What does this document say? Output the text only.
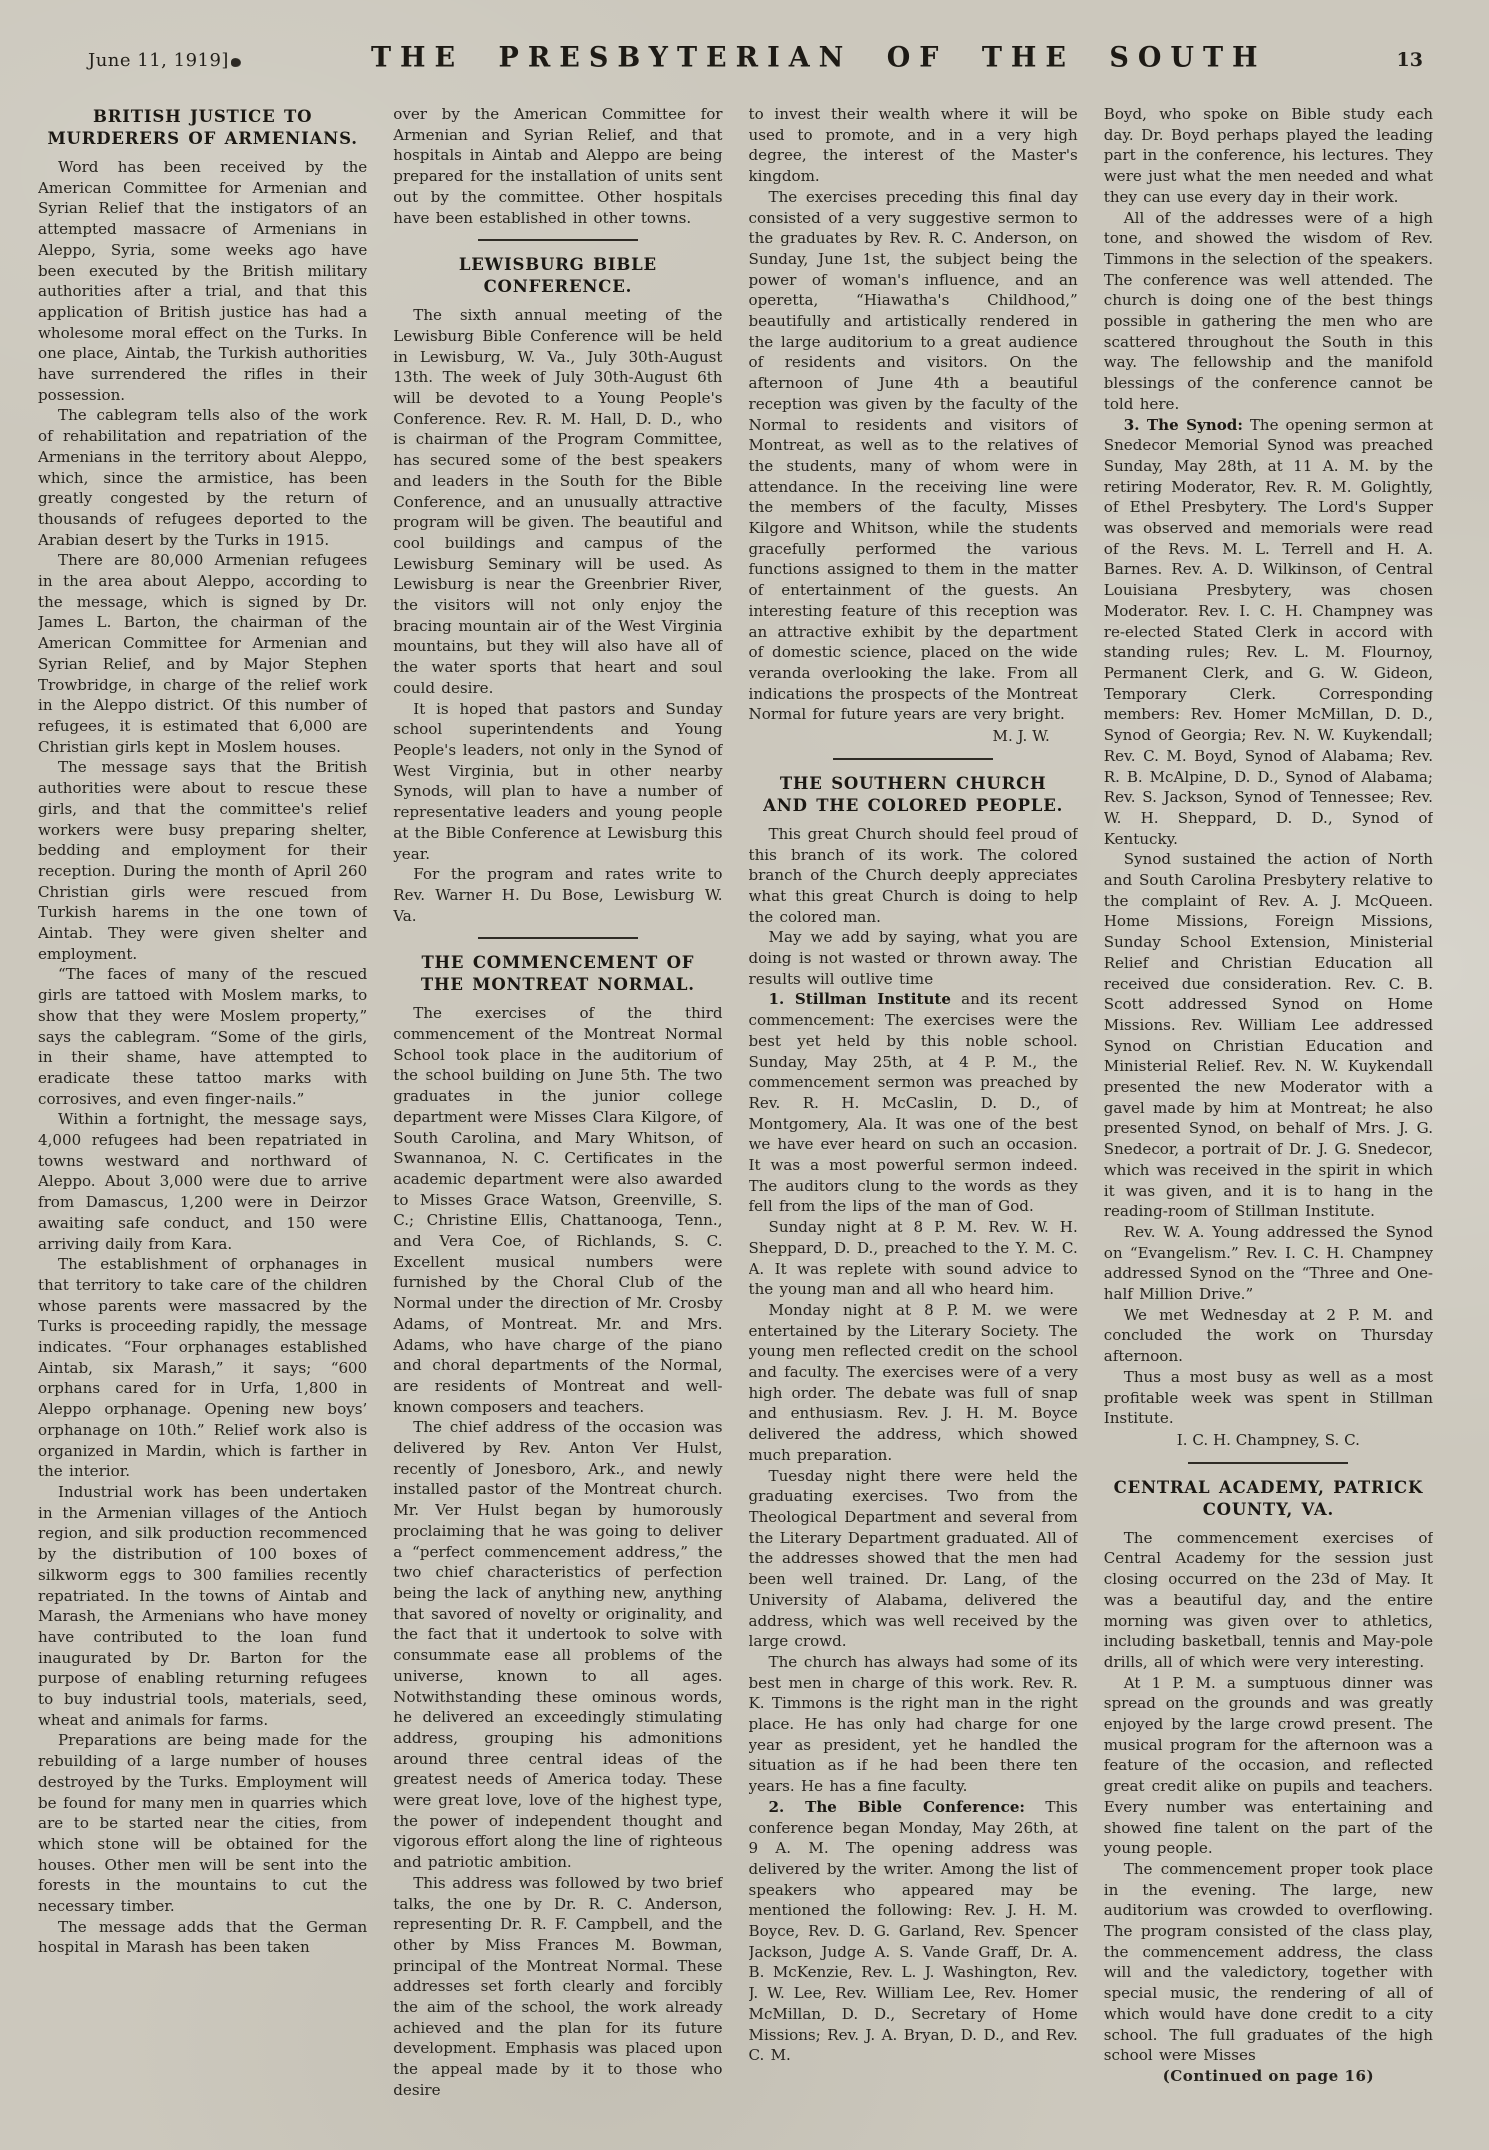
June 11, 1919]	THE PRESBYTERIAN OF THE SOUTH	13
BRITISH JUSTICE TO MURDERERS OF ARMENIANS.
Word has been received by the American Committee for Armenian and Syrian Relief that the instigators of an attempted massacre of Armenians in Aleppo, Syria, some weeks ago have been executed by the British military authorities after a trial, and that this application of British justice has had a wholesome moral effect on the Turks. In one place, Aintab, the Turkish authorities have surrendered the rifles in their possession.
The cablegram tells also of the work of rehabilitation and repatriation of the Armenians in the territory about Aleppo, which, since the armistice, has been greatly congested by the return of thousands of refugees deported to the Arabian desert by the Turks in 1915.
There are 80,000 Armenian refugees in the area about Aleppo, according to the message, which is signed by Dr. James L. Barton, the chairman of the American Committee for Armenian and Syrian Relief, and by Major Stephen Trowbridge, in charge of the relief work in the Aleppo district. Of this number of refugees, it is estimated that 6,000 are Christian girls kept in Moslem houses.
The message says that the British authorities were about to rescue these girls, and that the committee's relief workers were busy preparing shelter, bedding and employment for their reception. During the month of April 260 Christian girls were rescued from Turkish harems in the one town of Aintab. They were given shelter and employment.
“The faces of many of the rescued girls are tattoed with Moslem marks, to show that they were Moslem property,” says the cablegram. “Some of the girls, in their shame, have attempted to eradicate these tattoo marks with corrosives, and even finger-nails.”
Within a fortnight, the message says, 4,000 refugees had been repatriated in towns westward and northward of Aleppo. About 3,000 were due to arrive from Damascus, 1,200 were in Deirzor awaiting safe conduct, and 150 were arriving daily from Kara.
The establishment of orphanages in that territory to take care of the children whose parents were massacred by the Turks is proceeding rapidly, the message indicates. “Four orphanages established Aintab, six Marash,” it says; “600 orphans cared for in Urfa, 1,800 in Aleppo orphanage. Opening new boys’ orphanage on 10th.” Relief work also is organized in Mardin, which is farther in the interior.
Industrial work has been undertaken in the Armenian villages of the Antioch region, and silk production recommenced by the distribution of 100 boxes of silkworm eggs to 300 families recently repatriated. In the towns of Aintab and Marash, the Armenians who have money have contributed to the loan fund inaugurated by Dr. Barton for the purpose of enabling returning refugees to buy industrial tools, materials, seed, wheat and animals for farms.
Preparations are being made for the rebuilding of a large number of houses destroyed by the Turks. Employment will be found for many men in quarries which are to be started near the cities, from which stone will be obtained for the houses. Other men will be sent into the forests in the mountains to cut the necessary timber.
The message adds that the German hospital in Marash has been taken
over by the American Committee for Armenian and Syrian Relief, and that hospitals in Aintab and Aleppo are being prepared for the installation of units sent out by the committee. Other hospitals have been established in other towns.
LEWISBURG BIBLE CONFERENCE.
The sixth annual meeting of the Lewisburg Bible Conference will be held in Lewisburg, W. Va., July 30th-August 13th. The week of July 30th-August 6th will be devoted to a Young People's Conference. Rev. R. M. Hall, D. D., who is chairman of the Program Committee, has secured some of the best speakers and leaders in the South for the Bible Conference, and an unusually attractive program will be given. The beautiful and cool buildings and campus of the Lewisburg Seminary will be used. As Lewisburg is near the Greenbrier River, the visitors will not only enjoy the bracing mountain air of the West Virginia mountains, but they will also have all of the water sports that heart and soul could desire.
It is hoped that pastors and Sunday school superintendents and Young People's leaders, not only in the Synod of West Virginia, but in other nearby Synods, will plan to have a number of representative leaders and young people at the Bible Conference at Lewisburg this year.
For the program and rates write to Rev. Warner H. Du Bose, Lewisburg W. Va.
THE COMMENCEMENT OF THE MONTREAT NORMAL.
The exercises of the third commencement of the Montreat Normal School took place in the auditorium of the school building on June 5th. The two graduates in the junior college department were Misses Clara Kilgore, of South Carolina, and Mary Whitson, of Swannanoa, N. C. Certificates in the academic department were also awarded to Misses Grace Watson, Greenville, S. C.; Christine Ellis, Chattanooga, Tenn., and Vera Coe, of Richlands, S. C. Excellent musical numbers were furnished by the Choral Club of the Normal under the direction of Mr. Crosby Adams, of Montreat. Mr. and Mrs. Adams, who have charge of the piano and choral departments of the Normal, are residents of Montreat and well-known composers and teachers.
The chief address of the occasion was delivered by Rev. Anton Ver Hulst, recently of Jonesboro, Ark., and newly installed pastor of the Montreat church. Mr. Ver Hulst began by humorously proclaiming that he was going to deliver a “perfect commencement address,” the two chief characteristics of perfection being the lack of anything new, anything that savored of novelty or originality, and the fact that it undertook to solve with consummate ease all problems of the universe, known to all ages. Notwithstanding these ominous words, he delivered an exceedingly stimulating address, grouping his admonitions around three central ideas of the greatest needs of America today. These were great love, love of the highest type, the power of independent thought and vigorous effort along the line of righteous and patriotic ambition.
This address was followed by two brief talks, the one by Dr. R. C. Anderson, representing Dr. R. F. Campbell, and the other by Miss Frances M. Bowman, principal of the Montreat Normal. These addresses set forth clearly and forcibly the aim of the school, the work already achieved and the plan for its future development. Emphasis was placed upon the appeal made by it to those who desire
to invest their wealth where it will be used to promote, and in a very high degree, the interest of the Master's kingdom.
The exercises preceding this final day consisted of a very suggestive sermon to the graduates by Rev. R. C. Anderson, on Sunday, June 1st, the subject being the power of woman's influence, and an operetta, “Hiawatha's Childhood,” beautifully and artistically rendered in the large auditorium to a great audience of residents and visitors. On the afternoon of June 4th a beautiful reception was given by the faculty of the Normal to residents and visitors of Montreat, as well as to the relatives of the students, many of whom were in attendance. In the receiving line were the members of the faculty, Misses Kilgore and Whitson, while the students gracefully performed the various functions assigned to them in the matter of entertainment of the guests. An interesting feature of this reception was an attractive exhibit by the department of domestic science, placed on the wide veranda overlooking the lake. From all indications the prospects of the Montreat Normal for future years are very bright.
M. J. W.
THE SOUTHERN CHURCH AND THE COLORED PEOPLE.
This great Church should feel proud of this branch of its work. The colored branch of the Church deeply appreciates what this great Church is doing to help the colored man.
May we add by saying, what you are doing is not wasted or thrown away. The results will outlive time
1. Stillman Institute and its recent commencement: The exercises were the best yet held by this noble school. Sunday, May 25th, at 4 P. M., the commencement sermon was preached by Rev. R. H. McCaslin, D. D., of Montgomery, Ala. It was one of the best we have ever heard on such an occasion. It was a most powerful sermon indeed. The auditors clung to the words as they fell from the lips of the man of God.
Sunday night at 8 P. M. Rev. W. H. Sheppard, D. D., preached to the Y. M. C. A. It was replete with sound advice to the young man and all who heard him.
Monday night at 8 P. M. we were entertained by the Literary Society. The young men reflected credit on the school and faculty. The exercises were of a very high order. The debate was full of snap and enthusiasm. Rev. J. H. M. Boyce delivered the address, which showed much preparation.
Tuesday night there were held the graduating exercises. Two from the Theological Department and several from the Literary Department graduated. All of the addresses showed that the men had been well trained. Dr. Lang, of the University of Alabama, delivered the address, which was well received by the large crowd.
The church has always had some of its best men in charge of this work. Rev. R. K. Timmons is the right man in the right place. He has only had charge for one year as president, yet he handled the situation as if he had been there ten years. He has a fine faculty.
2. The Bible Conference: This conference began Monday, May 26th, at 9 A. M. The opening address was delivered by the writer. Among the list of speakers who appeared may be mentioned the following: Rev. J. H. M. Boyce, Rev. D. G. Garland, Rev. Spencer Jackson, Judge A. S. Vande Graff, Dr. A. B. McKenzie, Rev. L. J. Washington, Rev. J. W. Lee, Rev. William Lee, Rev. Homer McMillan, D. D., Secretary of Home Missions; Rev. J. A. Bryan, D. D., and Rev. C. M.
Boyd, who spoke on Bible study each day. Dr. Boyd perhaps played the leading part in the conference, his lectures. They were just what the men needed and what they can use every day in their work.
All of the addresses were of a high tone, and showed the wisdom of Rev. Timmons in the selection of the speakers. The conference was well attended. The church is doing one of the best things possible in gathering the men who are scattered throughout the South in this way. The fellowship and the manifold blessings of the conference cannot be told here.
3. The Synod: The opening sermon at Snedecor Memorial Synod was preached Sunday, May 28th, at 11 A. M. by the retiring Moderator, Rev. R. M. Golightly, of Ethel Presbytery. The Lord's Supper was observed and memorials were read of the Revs. M. L. Terrell and H. A. Barnes. Rev. A. D. Wilkinson, of Central Louisiana Presbytery, was chosen Moderator. Rev. I. C. H. Champney was re-elected Stated Clerk in accord with standing rules; Rev. L. M. Flournoy, Permanent Clerk, and G. W. Gideon, Temporary Clerk. Corresponding members: Rev. Homer McMillan, D. D., Synod of Georgia; Rev. N. W. Kuykendall; Rev. C. M. Boyd, Synod of Alabama; Rev. R. B. McAlpine, D. D., Synod of Alabama; Rev. S. Jackson, Synod of Tennessee; Rev. W. H. Sheppard, D. D., Synod of Kentucky.
Synod sustained the action of North and South Carolina Presbytery relative to the complaint of Rev. A. J. McQueen. Home Missions, Foreign Missions, Sunday School Extension, Ministerial Relief and Christian Education all received due consideration. Rev. C. B. Scott addressed Synod on Home Missions. Rev. William Lee addressed Synod on Christian Education and Ministerial Relief. Rev. N. W. Kuykendall presented the new Moderator with a gavel made by him at Montreat; he also presented Synod, on behalf of Mrs. J. G. Snedecor, a portrait of Dr. J. G. Snedecor, which was received in the spirit in which it was given, and it is to hang in the reading-room of Stillman Institute.
Rev. W. A. Young addressed the Synod on “Evangelism.” Rev. I. C. H. Champney addressed Synod on the “Three and One-half Million Drive.”
We met Wednesday at 2 P. M. and concluded the work on Thursday afternoon.
Thus a most busy as well as a most profitable week was spent in Stillman Institute.
I. C. H. Champney, S. C.
CENTRAL ACADEMY, PATRICK COUNTY, VA.
The commencement exercises of Central Academy for the session just closing occurred on the 23d of May. It was a beautiful day, and the entire morning was given over to athletics, including basketball, tennis and May-pole drills, all of which were very interesting.
At 1 P. M. a sumptuous dinner was spread on the grounds and was greatly enjoyed by the large crowd present. The musical program for the afternoon was a feature of the occasion, and reflected great credit alike on pupils and teachers. Every number was entertaining and showed fine talent on the part of the young people.
The commencement proper took place in the evening. The large, new auditorium was crowded to overflowing. The program consisted of the class play, the commencement address, the class will and the valedictory, together with special music, the rendering of all of which would have done credit to a city school. The full graduates of the high school were Misses
(Continued on page 16)
